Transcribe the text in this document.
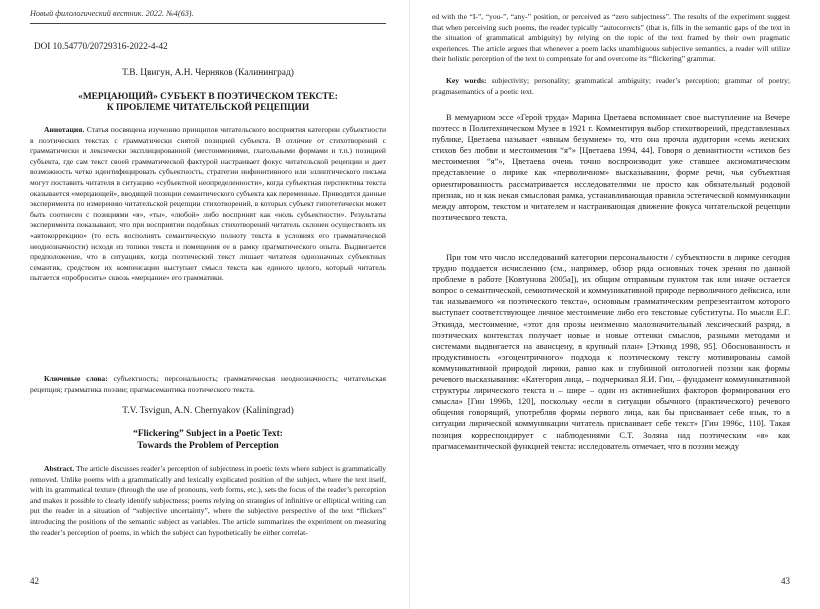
Новый филологический вестник. 2022. №4(63).
DOI 10.54770/20729316-2022-4-42
Т.В. Цвигун, А.Н. Черняков (Калининград)
«МЕРЦАЮЩИЙ» СУБЪЕКТ В ПОЭТИЧЕСКОМ ТЕКСТЕ:
К ПРОБЛЕМЕ ЧИТАТЕЛЬСКОЙ РЕЦЕПЦИИ

Аннотация. Статья посвящена изучению принципов читательского восприятия категории субъектности в поэтических текстах с грамматически снятой позицией субъекта. В отличие от стихотворений с грамматически и лексически эксплицированной (местоимениями, глагольными формами и т.п.) позицией субъекта, где сам текст своей грамматической фактурой настраивает фокус читательской рецепции и дает возможность четко идентифицировать субъектность, стратегии инфинитивного или эллиптического письма могут поставить читателя в ситуацию «субъектной неопределенности», когда субъектная перспектива текста оказывается «мерцающей», вводящей позиции семантического субъекта как переменные. Приводятся данные эксперимента по измерению читательской рецепции стихотворений, в которых субъект гипотетически может быть соотнесен с позициями «я», «ты», «любой» либо воспринят как «ноль субъектности». Результаты эксперимента показывают, что при восприятии подобных стихотворений читатель склонен осуществлять их «автокоррекцию» (то есть восполнять семантическую полноту текста в условиях его грамматической неоднозначности) исходя из топики текста и помещения ее в рамку прагматического опыта. Выдвигается предположение, что в ситуациях, когда поэтический текст лишает читателя однозначных субъектных семантик, средством их компенсации выступает смысл текста как единого целого, который читатель пытается «пробросить» сквозь «мерцание» его грамматики.

Ключевые слова: субъектность; персональность; грамматическая неоднозначность; читательская рецепция; грамматика поэзии; прагмасемантика поэтического текста.

T.V. Tsvigun, A.N. Chernyakov (Kaliningrad)
“Flickering” Subject in a Poetic Text:
Towards the Problem of Perception

Abstract. The article discusses reader’s perception of subjectness in poetic texts where subject is grammatically removed. Unlike poems with a grammatically and lexically explicated position of the subject, where the text itself, with its grammatical texture (through the use of pronouns, verb forms, etc.), sets the focus of the reader’s perception and makes it possible to clearly identify subjectness; poems relying on strategies of infinitive or elliptical writing can put the reader in a situation of “subjective uncertainty”, where the subjective perspective of the text “flickers” introducing the positions of the semantic subject as variables. The article summarizes the experiment on measuring the reader’s perception of poems, in which the subject can hypothetically be either correlat-

42

ed with the “I-”, “you-”, “any-” position, or perceived as “zero subjectness”. The results of the experiment suggest that when perceiving such poems, the reader typically “autocorrects” (that is, fills in the semantic gaps of the text in the situation of grammatical ambiguity) by relying on the topic of the text framed by their own pragmatic experiences. The article argues that whenever a poem lacks unambiguous subjective semantics, a reader will utilize their holistic perception of the text to compensate for and overcome its “flickering” grammar.

Key words: subjectivity; personality; grammatical ambiguity; reader’s perception; grammar of poetry; pragmasemantics of a poetic text.

В мемуарном эссе «Герой труда» Марина Цветаева вспоминает свое выступление на Вечере поэтесс в Политехническом Музее в 1921 г. Комментируя выбор стихотворений, представленных публике, Цветаева называет «явным безумием» то, что она прочла аудитории «семь женских стихов без любви и местоимения “я”» [Цветаева 1994, 44]. Говоря о девиантности «стихов без местоимения “я”», Цветаева очень точно воспроизводит уже ставшее аксиоматическим представление о лирике как «перволичном» высказывании, форме речи, чья субъектная ориентированность рассматривается исследователями не просто как обязательный родовой признак, но и как некая смысловая рамка, устанавливающая правила эстетической коммуникации между автором, текстом и читателем и настраивающая движение фокуса читательской рецепции поэтического текста.

При том что число исследований категории персональности / субъектности в лирике сегодня трудно поддается исчислению (см., например, обзор ряда основных точек зрения по данной проблеме в работе [Ковтунова 2005а]), их общим отправным пунктом так или иначе остается вопрос о семантической, семиотической и коммуникативной природе перволичного дейксиса, или так называемого «я поэтического текста», основным грамматическим репрезентантом которого выступает соответствующее личное местоимение либо его текстовые субституты. По мысли Е.Г. Эткинда, местоимение, «этот для прозы неизменно малозначительный лексический разряд, в поэтических контекстах получает новые и новые оттенки смыслов, разными методами и системами выдвигается на авансцену, в крупный план» [Эткинд 1998, 95]. Обоснованность и продуктивность «эгоцентричного» подхода к поэтическому тексту мотивированы самой коммуникативной природой лирики, равно как и глубинной онтологией поэзии как формы речевого высказывания: «Категория лица, – подчеркивал Я.И. Гин, – фундамент коммуникативной структуры лирического текста и – шире – один из активнейших факторов формирования его смысла» [Гин 1996b, 120], поскольку «если в ситуации обычного (практического) речевого общения говорящий, употребляя формы первого лица, как бы присваивает себе язык, то в ситуации лирической коммуникации читатель присваивает себе текст» [Гин 1996с, 110]. Такая позиция корреспондирует с наблюдениями С.Т. Золяна над поэтическим «я» как прагмасемантической функцией текста: исследователь отмечает, что в поэзии между

43
